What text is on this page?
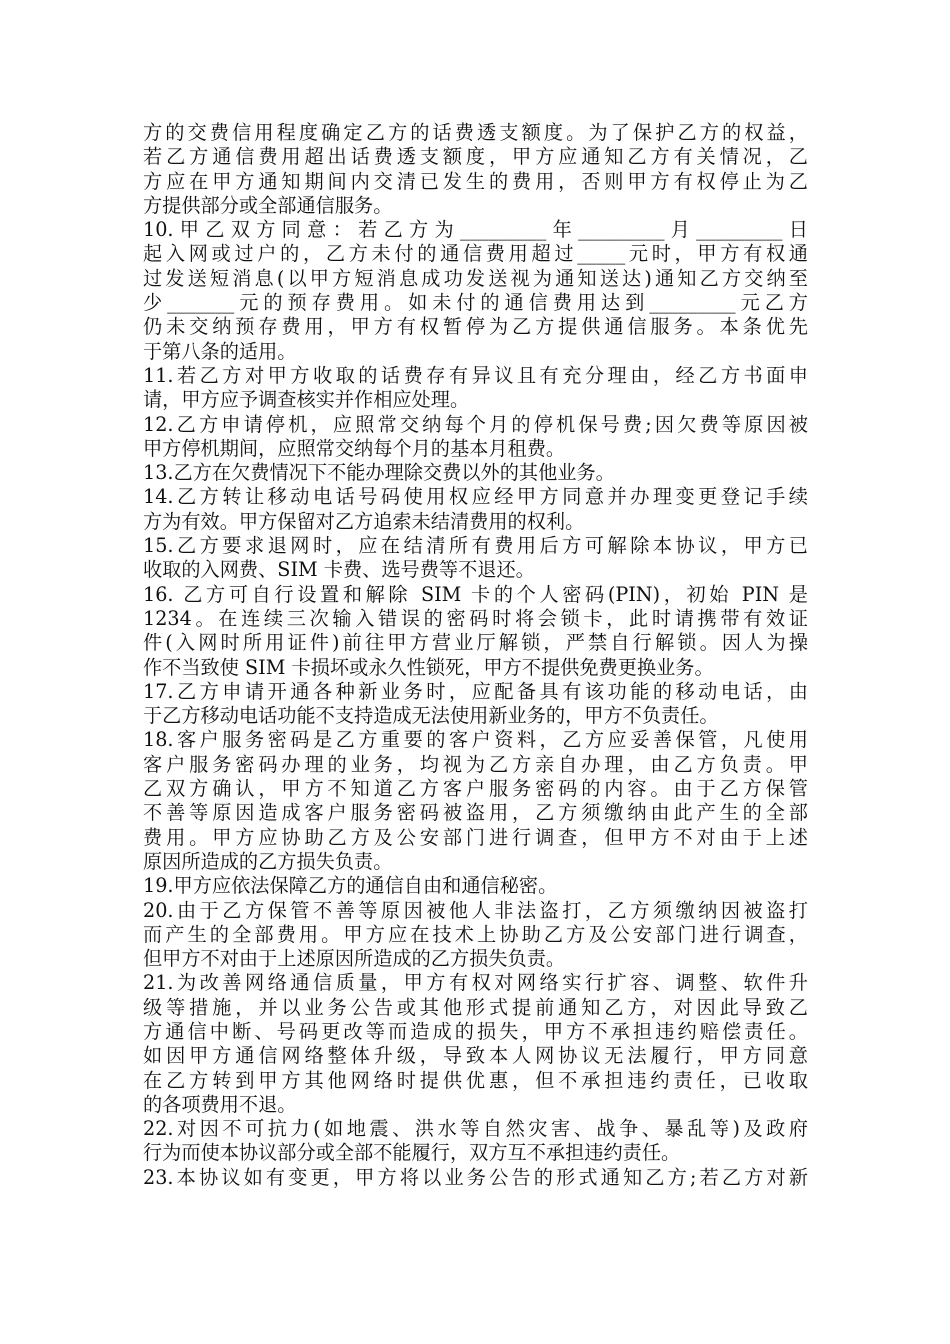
方的交费信用程度确定乙方的话费透支额度。为了保护乙方的权益，
若乙方通信费用超出话费透支额度，甲方应通知乙方有关情况，乙
方应在甲方通知期间内交清已发生的费用，否则甲方有权停止为乙
方提供部分或全部通信服务。
10.甲乙双方同意：若乙方为_________年_________月_________日
起入网或过户的，乙方未付的通信费用超过_____元时，甲方有权通
过发送短消息(以甲方短消息成功发送视为通知送达)通知乙方交纳至
少_______元的预存费用。如未付的通信费用达到_________元乙方
仍未交纳预存费用，甲方有权暂停为乙方提供通信服务。本条优先
于第八条的适用。
11.若乙方对甲方收取的话费存有异议且有充分理由，经乙方书面申
请，甲方应予调查核实并作相应处理。
12.乙方申请停机，应照常交纳每个月的停机保号费;因欠费等原因被
甲方停机期间，应照常交纳每个月的基本月租费。
13.乙方在欠费情况下不能办理除交费以外的其他业务。
14.乙方转让移动电话号码使用权应经甲方同意并办理变更登记手续
方为有效。甲方保留对乙方追索未结清费用的权利。
15.乙方要求退网时，应在结清所有费用后方可解除本协议，甲方已
收取的入网费、SIM 卡费、选号费等不退还。
16. 乙方可自行设置和解除 SIM 卡的个人密码(PIN)，初始 PIN 是
1234。在连续三次输入错误的密码时将会锁卡，此时请携带有效证
件(入网时所用证件)前往甲方营业厅解锁，严禁自行解锁。因人为操
作不当致使 SIM 卡损坏或永久性锁死，甲方不提供免费更换业务。
17.乙方申请开通各种新业务时，应配备具有该功能的移动电话，由
于乙方移动电话功能不支持造成无法使用新业务的，甲方不负责任。
18.客户服务密码是乙方重要的客户资料，乙方应妥善保管，凡使用
客户服务密码办理的业务，均视为乙方亲自办理，由乙方负责。甲
乙双方确认，甲方不知道乙方客户服务密码的内容。由于乙方保管
不善等原因造成客户服务密码被盗用，乙方须缴纳由此产生的全部
费用。甲方应协助乙方及公安部门进行调查，但甲方不对由于上述
原因所造成的乙方损失负责。
19.甲方应依法保障乙方的通信自由和通信秘密。
20.由于乙方保管不善等原因被他人非法盗打，乙方须缴纳因被盗打
而产生的全部费用。甲方应在技术上协助乙方及公安部门进行调查，
但甲方不对由于上述原因所造成的乙方损失负责。
21.为改善网络通信质量，甲方有权对网络实行扩容、调整、软件升
级等措施，并以业务公告或其他形式提前通知乙方，对因此导致乙
方通信中断、号码更改等而造成的损失，甲方不承担违约赔偿责任。
如因甲方通信网络整体升级，导致本人网协议无法履行，甲方同意
在乙方转到甲方其他网络时提供优惠，但不承担违约责任，已收取
的各项费用不退。
22.对因不可抗力(如地震、洪水等自然灾害、战争、暴乱等)及政府
行为而使本协议部分或全部不能履行，双方互不承担违约责任。
23.本协议如有变更，甲方将以业务公告的形式通知乙方;若乙方对新
